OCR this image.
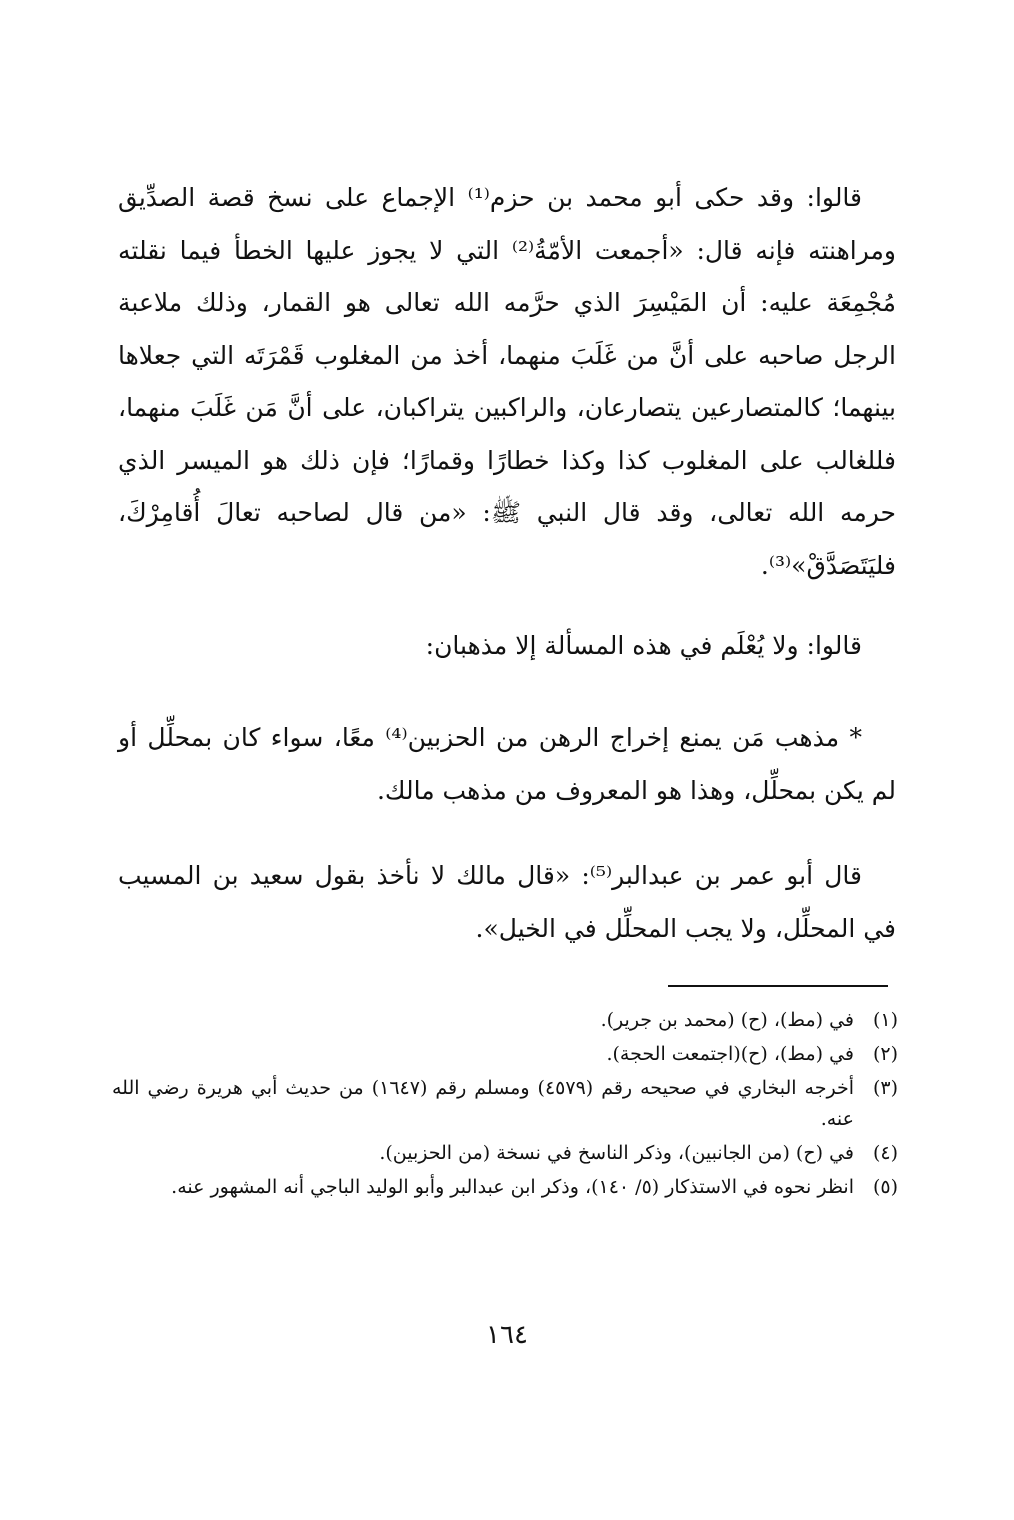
قالوا: وقد حكى أبو محمد بن حزم⁽¹⁾ الإجماع على نسخ قصة الصدِّيق ومراهنته فإنه قال: «أجمعت الأمّةُ⁽²⁾ التي لا يجوز عليها الخطأ فيما نقلته مُجْمِعَة عليه: أن المَيْسِرَ الذي حرَّمه الله تعالى هو القمار، وذلك ملاعبة الرجل صاحبه على أنَّ من غَلَبَ منهما، أخذ من المغلوب قَمْرَتَه التي جعلاها بينهما؛ كالمتصارعين يتصارعان، والراكبين يتراكبان، على أنَّ مَن غَلَبَ منهما، فللغالب على المغلوب كذا وكذا خطارًا وقمارًا؛ فإن ذلك هو الميسر الذي حرمه الله تعالى، وقد قال النبي ﷺ: «من قال لصاحبه تعالَ أُقامِرْكَ، فليَتَصَدَّقْ»⁽³⁾.
قالوا: ولا يُعْلَم في هذه المسألة إلا مذهبان:
* مذهب مَن يمنع إخراج الرهن من الحزبين⁽⁴⁾ معًا، سواء كان بمحلِّل أو لم يكن بمحلِّل، وهذا هو المعروف من مذهب مالك.
قال أبو عمر بن عبدالبر⁽⁵⁾: «قال مالك لا نأخذ بقول سعيد بن المسيب في المحلِّل، ولا يجب المحلِّل في الخيل».
(١)
في (مط)، (ح) (محمد بن جرير).
(٢)
في (مط)، (ح)(اجتمعت الحجة).
(٣)
أخرجه البخاري في صحيحه رقم (٤٥٧٩) ومسلم رقم (١٦٤٧) من حديث أبي هريرة رضي الله عنه.
(٤)
في (ح) (من الجانبين)، وذكر الناسخ في نسخة (من الحزبين).
(٥)
انظر نحوه في الاستذكار (٥/ ١٤٠)، وذكر ابن عبدالبر وأبو الوليد الباجي أنه المشهور عنه.
١٦٤
